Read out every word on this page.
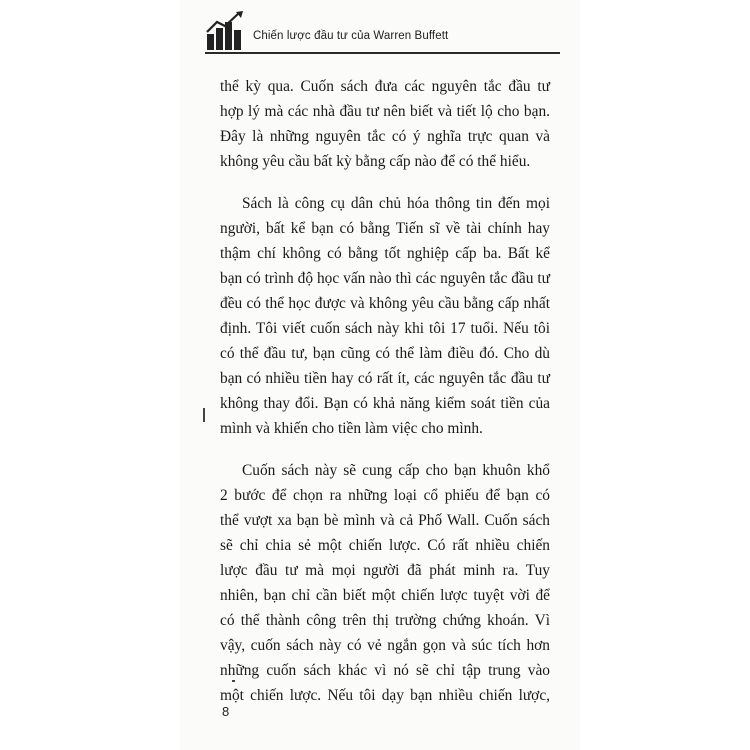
Chiến lược đầu tư của Warren Buffett

thể kỳ qua. Cuốn sách đưa các nguyên tắc đầu tư
hợp lý mà các nhà đầu tư nên biết và tiết lộ cho bạn.
Đây là những nguyên tắc có ý nghĩa trực quan và
không yêu cầu bất kỳ bằng cấp nào để có thể hiểu.

Sách là công cụ dân chủ hóa thông tin đến mọi
người, bất kể bạn có bằng Tiến sĩ về tài chính hay
thậm chí không có bằng tốt nghiệp cấp ba. Bất kể
bạn có trình độ học vấn nào thì các nguyên tắc đầu tư
đều có thể học được và không yêu cầu bằng cấp nhất
định. Tôi viết cuốn sách này khi tôi 17 tuổi. Nếu tôi
có thể đầu tư, bạn cũng có thể làm điều đó. Cho dù
bạn có nhiều tiền hay có rất ít, các nguyên tắc đầu tư
không thay đổi. Bạn có khả năng kiểm soát tiền của
mình và khiến cho tiền làm việc cho mình.

Cuốn sách này sẽ cung cấp cho bạn khuôn khổ
2 bước để chọn ra những loại cổ phiếu để bạn có
thể vượt xa bạn bè mình và cả Phố Wall. Cuốn sách
sẽ chỉ chia sẻ một chiến lược. Có rất nhiều chiến
lược đầu tư mà mọi người đã phát minh ra. Tuy
nhiên, bạn chỉ cần biết một chiến lược tuyệt vời để
có thể thành công trên thị trường chứng khoán. Vì
vậy, cuốn sách này có vẻ ngắn gọn và súc tích hơn
những cuốn sách khác vì nó sẽ chỉ tập trung vào
một chiến lược. Nếu tôi dạy bạn nhiều chiến lược,

8
